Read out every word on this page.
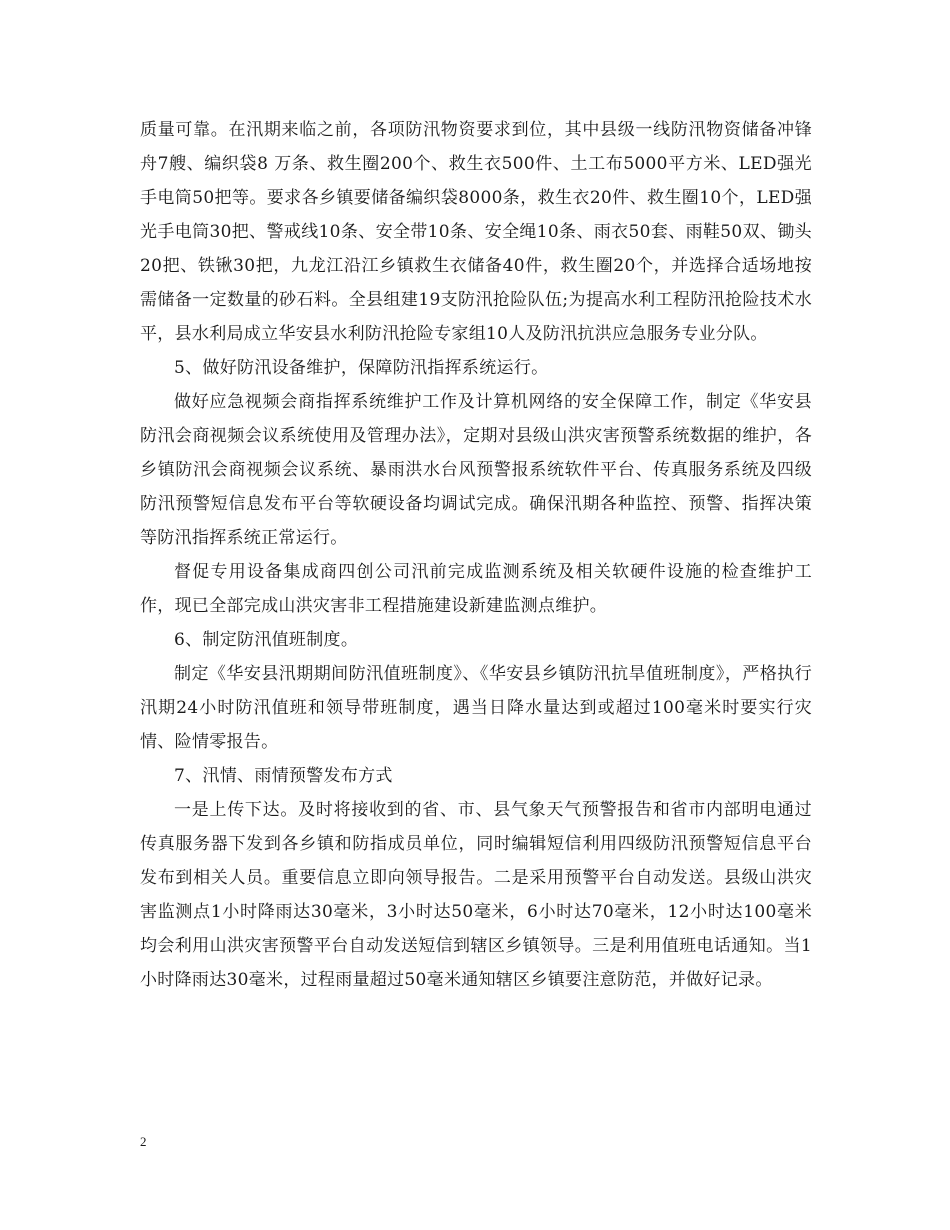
质量可靠。在汛期来临之前，各项防汛物资要求到位，其中县级一线防汛物资储备冲锋舟7艘、编织袋8 万条、救生圈200个、救生衣500件、土工布5000平方米、LED强光手电筒50把等。要求各乡镇要储备编织袋8000条，救生衣20件、救生圈10个，LED强光手电筒30把、警戒线10条、安全带10条、安全绳10条、雨衣50套、雨鞋50双、锄头20把、铁锹30把，九龙江沿江乡镇救生衣储备40件，救生圈20个，并选择合适场地按需储备一定数量的砂石料。全县组建19支防汛抢险队伍;为提高水利工程防汛抢险技术水平，县水利局成立华安县水利防汛抢险专家组10人及防汛抗洪应急服务专业分队。

5、做好防汛设备维护，保障防汛指挥系统运行。

做好应急视频会商指挥系统维护工作及计算机网络的安全保障工作，制定《华安县防汛会商视频会议系统使用及管理办法》，定期对县级山洪灾害预警系统数据的维护，各乡镇防汛会商视频会议系统、暴雨洪水台风预警报系统软件平台、传真服务系统及四级防汛预警短信息发布平台等软硬设备均调试完成。确保汛期各种监控、预警、指挥决策等防汛指挥系统正常运行。

督促专用设备集成商四创公司汛前完成监测系统及相关软硬件设施的检查维护工作，现已全部完成山洪灾害非工程措施建设新建监测点维护。

6、制定防汛值班制度。

制定《华安县汛期期间防汛值班制度》、《华安县乡镇防汛抗旱值班制度》，严格执行汛期24小时防汛值班和领导带班制度，遇当日降水量达到或超过100毫米时要实行灾情、险情零报告。

7、汛情、雨情预警发布方式

一是上传下达。及时将接收到的省、市、县气象天气预警报告和省市内部明电通过传真服务器下发到各乡镇和防指成员单位，同时编辑短信利用四级防汛预警短信息平台发布到相关人员。重要信息立即向领导报告。二是采用预警平台自动发送。县级山洪灾害监测点1小时降雨达30毫米，3小时达50毫米，6小时达70毫米，12小时达100毫米均会利用山洪灾害预警平台自动发送短信到辖区乡镇领导。三是利用值班电话通知。当1小时降雨达30毫米，过程雨量超过50毫米通知辖区乡镇要注意防范，并做好记录。

2
